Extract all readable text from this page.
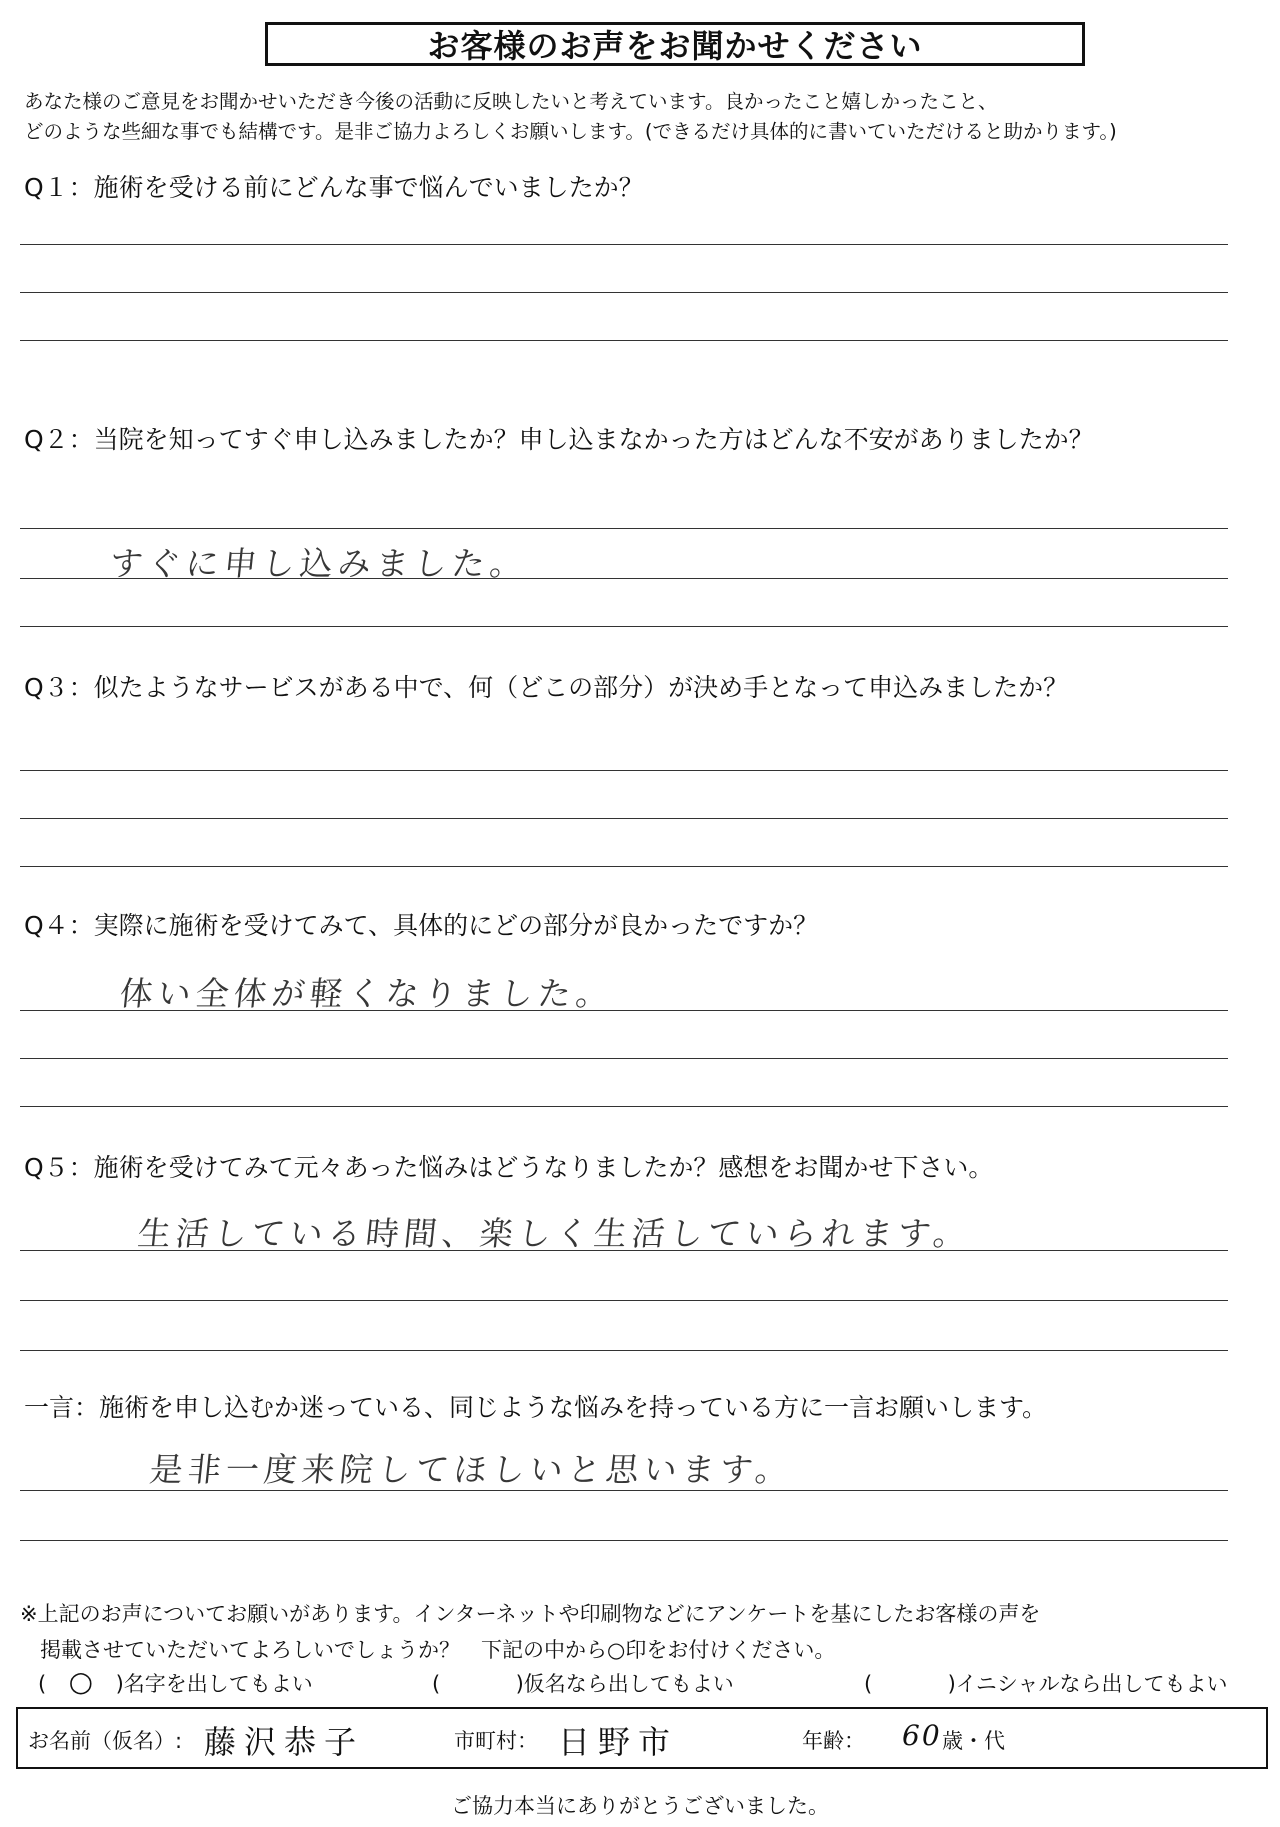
お客様のお声をお聞かせください
あなた様のご意見をお聞かせいただき今後の活動に反映したいと考えています。良かったこと嬉しかったこと、
どのような些細な事でも結構です。是非ご協力よろしくお願いします。(できるだけ具体的に書いていただけると助かります。)
Q１：施術を受ける前にどんな事で悩んでいましたか？
Q２：当院を知ってすぐ申し込みましたか？申し込まなかった方はどんな不安がありましたか？
すぐに申し込みました。
Q３：似たようなサービスがある中で、何（どこの部分）が決め手となって申込みましたか？
Q４：実際に施術を受けてみて、具体的にどの部分が良かったですか？
体い全体が軽くなりました。
Q５：施術を受けてみて元々あった悩みはどうなりましたか？感想をお聞かせ下さい。
生活している時間、楽しく生活していられます。
一言：施術を申し込むか迷っている、同じような悩みを持っている方に一言お願いします。
是非一度来院してほしいと思います。
※上記のお声についてお願いがあります。インターネットや印刷物などにアンケートを基にしたお客様の声を
掲載させていただいてよろしいでしょうか？　下記の中から○印をお付けください。
( ○ )名字を出してもよい	(	)仮名なら出してもよい	(	)イニシャルなら出してもよい
お名前（仮名）: 藤沢恭子	市町村： 日野市	年齢： 60 歳・代
ご協力本当にありがとうございました。
